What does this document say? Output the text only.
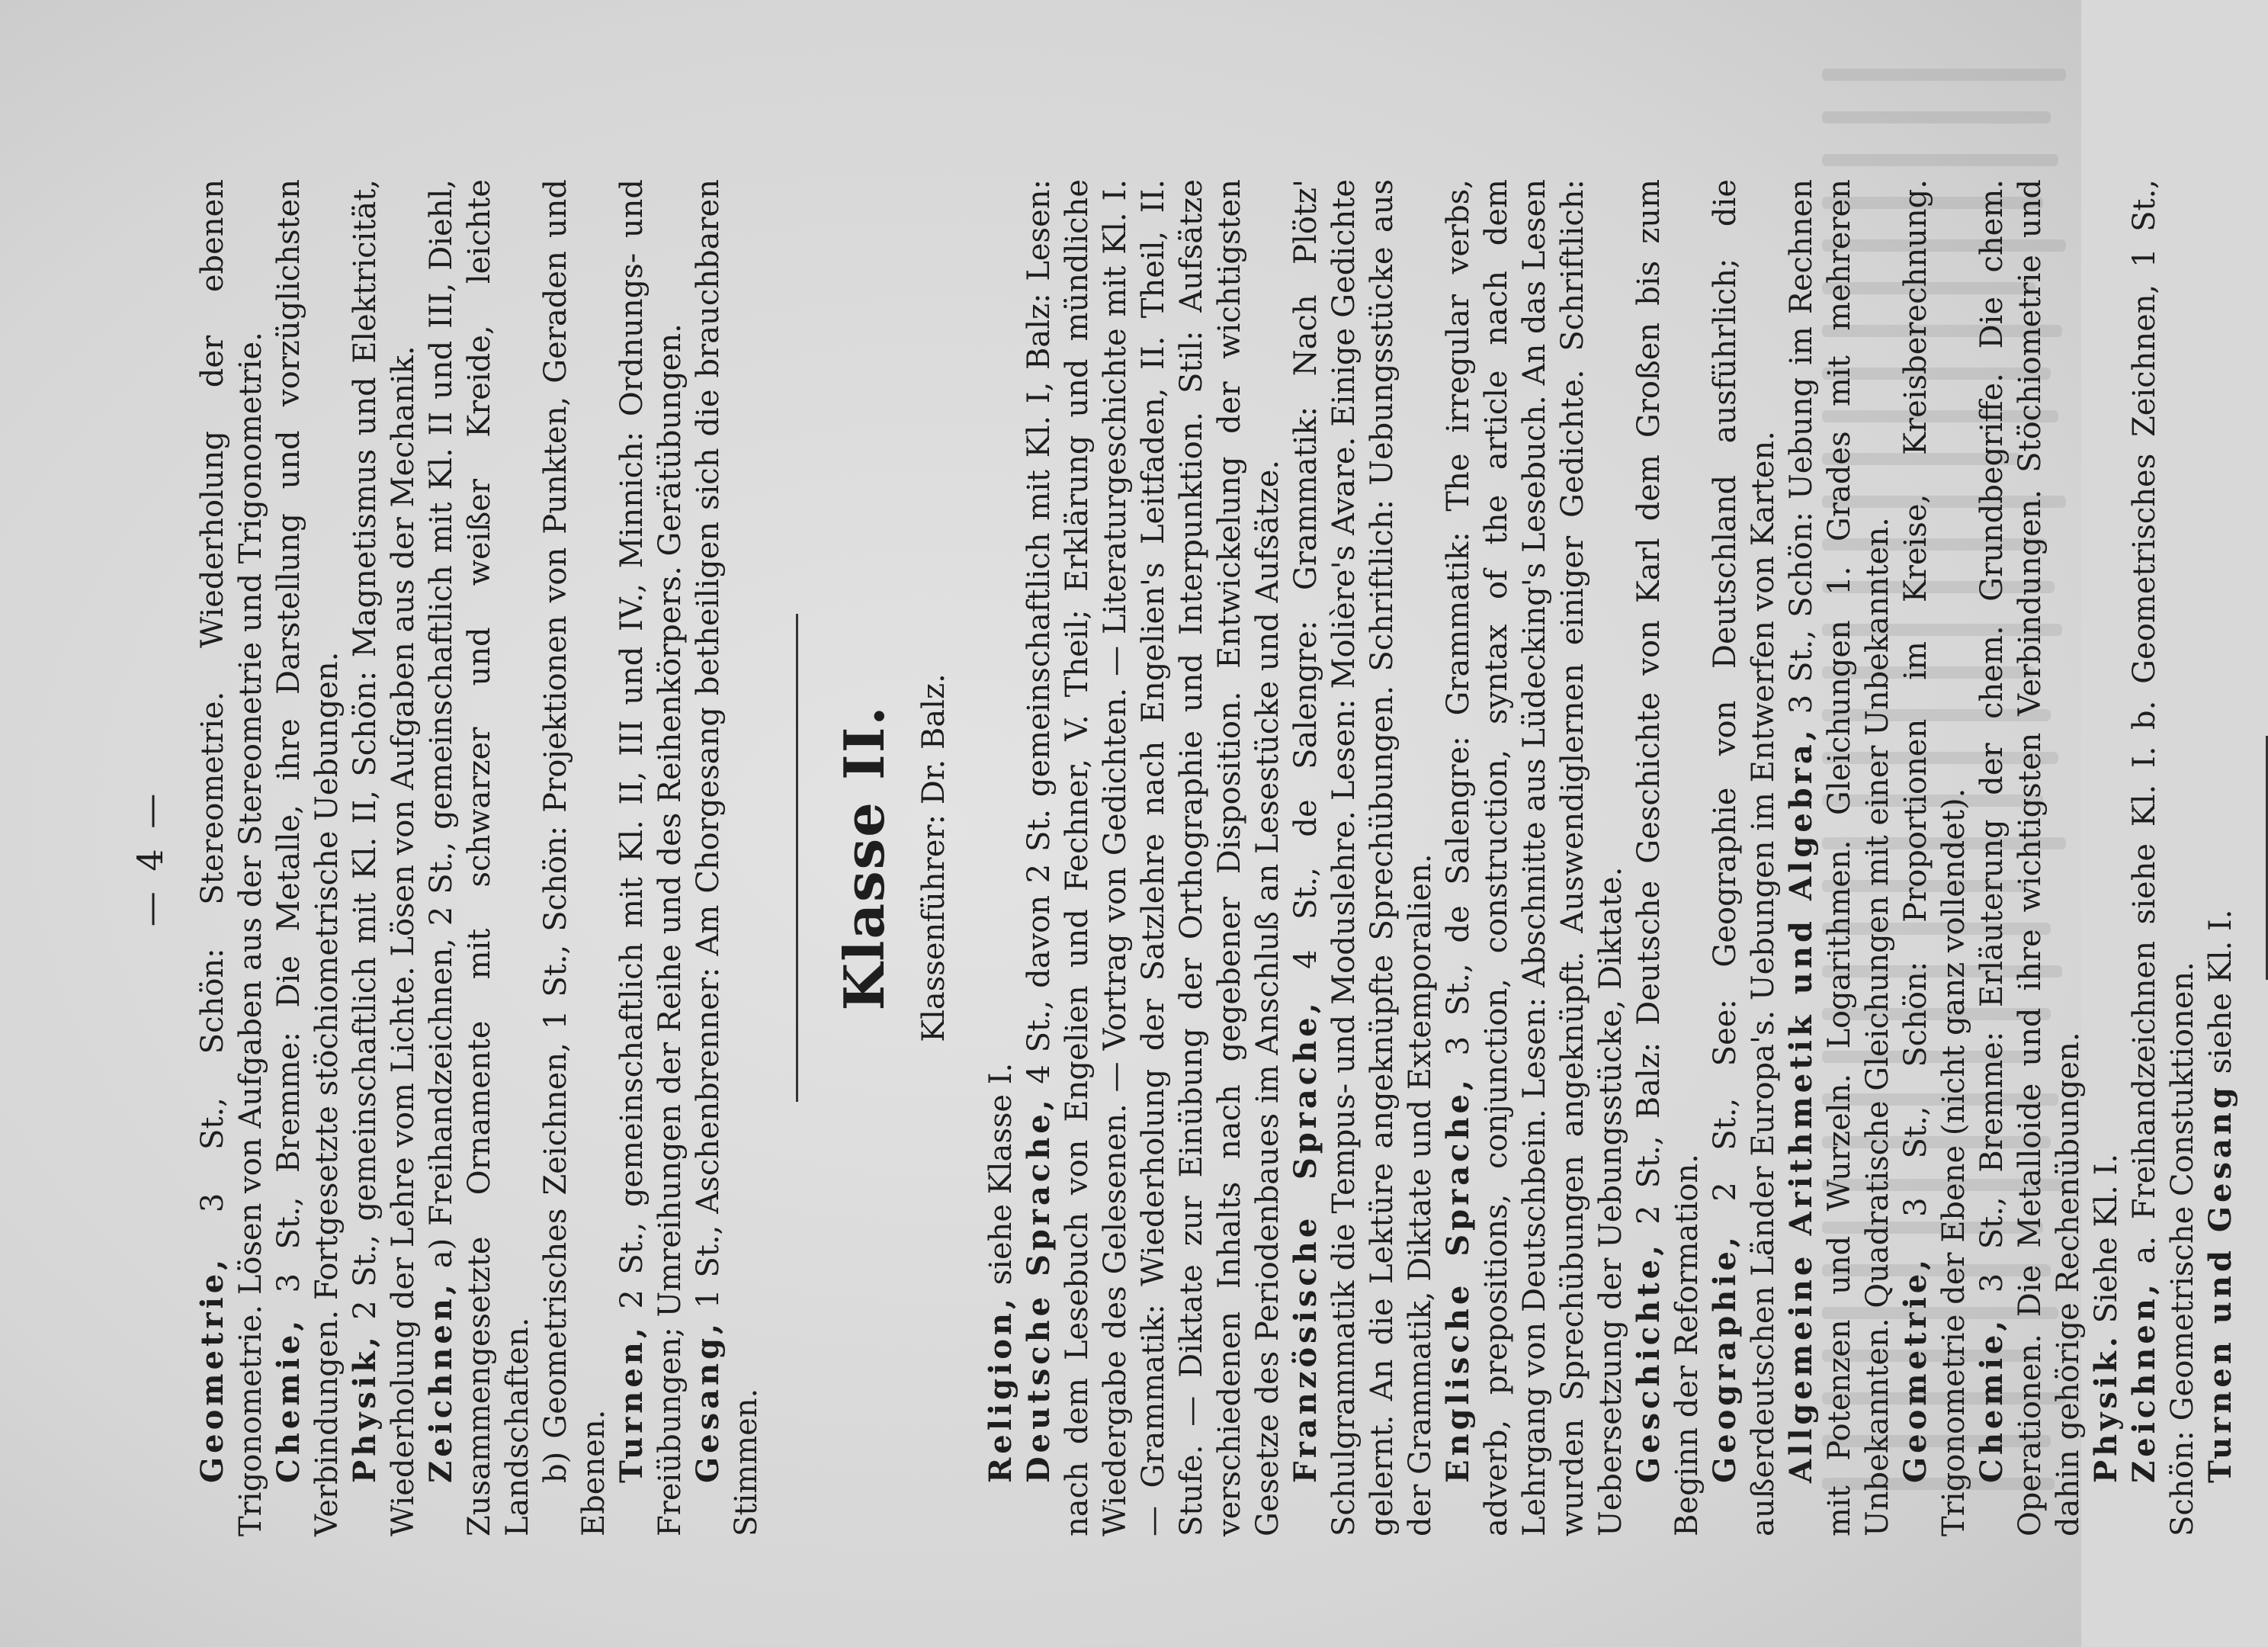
— 4 —

Geometrie, 3 St., Schön: Stereometrie. Wiederholung der ebenen Trigonometrie. Lösen von Aufgaben aus der Stereometrie und Trigonometrie. Chemie, 3 St., Bremme: Die Metalle, ihre Darstellung und vorzüglichsten Verbindungen. Fortgesetzte stöchiometrische Uebungen. Physik, 2 St., gemeinschaftlich mit Kl. II, Schön: Magnetismus und Elektricität, Wiederholung der Lehre vom Lichte. Lösen von Aufgaben aus der Mechanik. Zeichnen, a) Freihandzeichnen, 2 St., gemeinschaftlich mit Kl. II und III, Diehl, Zusammengesetzte Ornamente mit schwarzer und weißer Kreide, leichte Landschaften. b) Geometrisches Zeichnen, 1 St., Schön: Projektionen von Punkten, Geraden und Ebenen. Turnen, 2 St., gemeinschaftlich mit Kl. II, III und IV., Minnich: Ordnungs- und Freiübungen; Umreihungen der Reihe und des Reihenkörpers. Gerätübungen. Gesang, 1 St., Aschenbrenner: Am Chorgesang betheiligen sich die brauchbaren Stimmen.

Klasse II. Klassenführer: Dr. Balz.

Religion, siehe Klasse I. Deutsche Sprache, 4 St., davon 2 St. gemeinschaftlich mit Kl. I, Balz: Lesen: nach dem Lesebuch von Engelien und Fechner, V. Theil; Erklärung und mündliche Wiedergabe des Gelesenen. — Vortrag von Gedichten. — Literaturgeschichte mit Kl. I. — Grammatik: Wiederholung der Satzlehre nach Engelien's Leitfaden, II. Theil, II. Stufe. — Diktate zur Einübung der Orthographie und Interpunktion. Stil: Aufsätze verschiedenen Inhalts nach gegebener Disposition. Entwickelung der wichtigsten Gesetze des Periodenbaues im Anschluß an Lesestücke und Aufsätze. Französische Sprache, 4 St., de Salengre: Grammatik: Nach Plötz' Schulgrammatik die Tempus- und Moduslehre. Lesen: Molière's Avare. Einige Gedichte gelernt. An die Lektüre angeknüpfte Sprechübungen. Schriftlich: Uebungsstücke aus der Grammatik, Diktate und Extemporalien. Englische Sprache, 3 St., de Salengre: Grammatik: The irregular verbs, adverb, prepositions, conjunction, construction, syntax of the article nach dem Lehrgang von Deutschbein. Lesen: Abschnitte aus Lüdecking's Lesebuch. An das Lesen wurden Sprechübungen angeknüpft. Auswendiglernen einiger Gedichte. Schriftlich: Uebersetzung der Uebungsstücke, Diktate. Geschichte, 2 St., Balz: Deutsche Geschichte von Karl dem Großen bis zum Beginn der Reformation. Geographie, 2 St., See: Geographie von Deutschland ausführlich; die außerdeutschen Länder Europa's. Uebungen im Entwerfen von Karten. Allgemeine Arithmetik und Algebra, 3 St., Schön: Uebung im Rechnen mit Potenzen und Wurzeln. Logarithmen. Gleichungen 1. Grades mit mehreren Unbekannten. Quadratische Gleichungen mit einer Unbekannten. Geometrie, 3 St., Schön: Proportionen im Kreise, Kreisberechnung. Trigonometrie der Ebene (nicht ganz vollendet). Chemie, 3 St., Bremme: Erläuterung der chem. Grundbegriffe. Die chem. Operationen. Die Metalloide und ihre wichtigsten Verbindungen. Stöchiometrie und dahin gehörige Rechenübungen. Physik. Siehe Kl. I.

Zeichnen, a. Freihandzeichnen siehe Kl. I. b. Geometrisches Zeichnen, 1 St., Schön: Geometrische Constuktionen. Turnen und Gesang siehe Kl. I.
